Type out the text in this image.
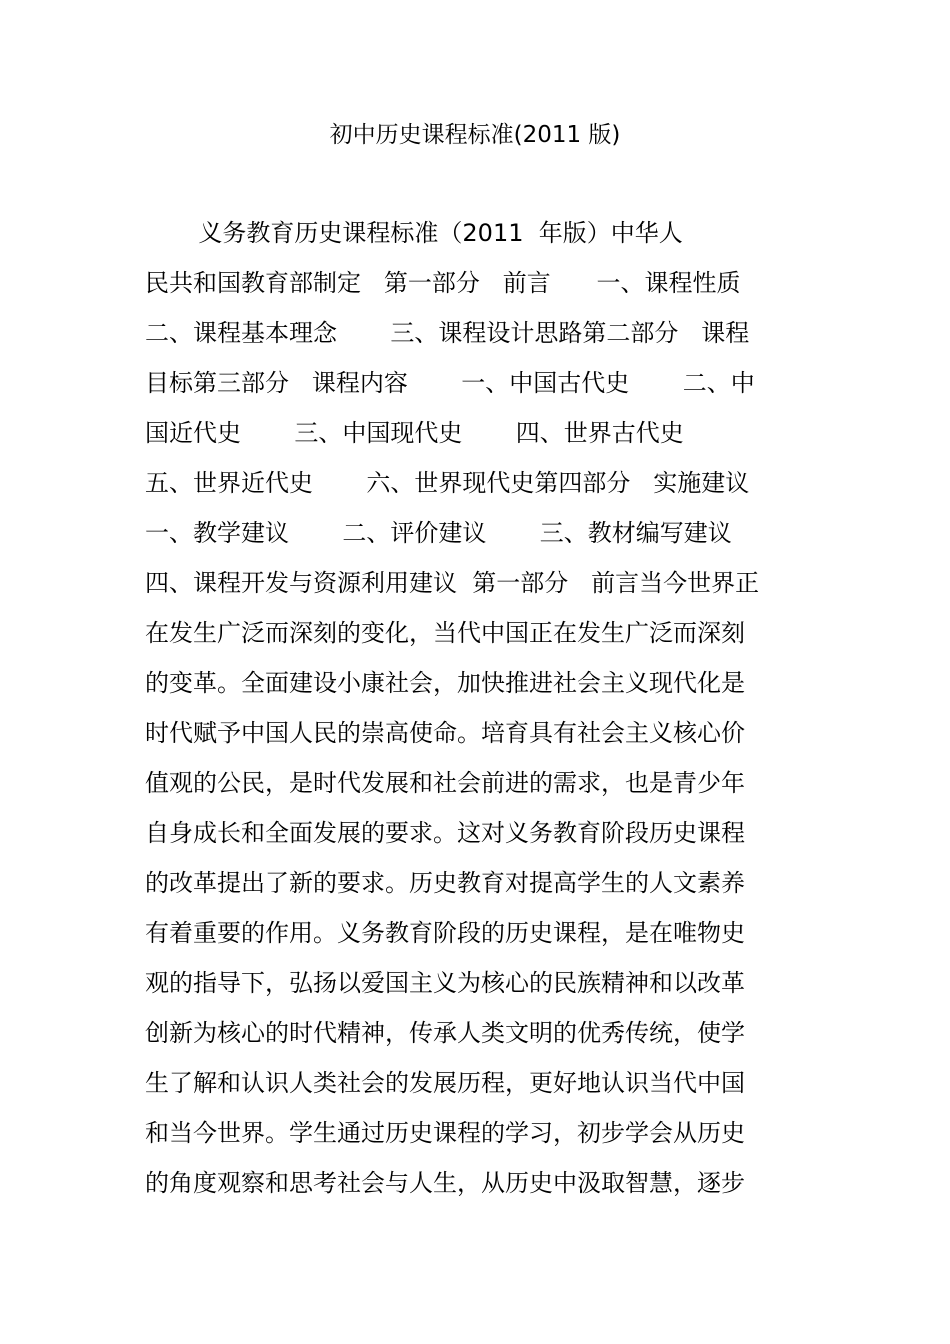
初中历史课程标准(2011 版)
义务教育历史课程标准（2011  年版）中华人
民共和国教育部制定   第一部分   前言      一、课程性质
二、课程基本理念       三、课程设计思路第二部分   课程
目标第三部分   课程内容       一、中国古代史       二、中
国近代史       三、中国现代史       四、世界古代史
五、世界近代史       六、世界现代史第四部分   实施建议
一、教学建议       二、评价建议       三、教材编写建议
四、课程开发与资源利用建议  第一部分   前言当今世界正
在发生广泛而深刻的变化，当代中国正在发生广泛而深刻
的变革。全面建设小康社会，加快推进社会主义现代化是
时代赋予中国人民的崇高使命。培育具有社会主义核心价
值观的公民，是时代发展和社会前进的需求，也是青少年
自身成长和全面发展的要求。这对义务教育阶段历史课程
的改革提出了新的要求。历史教育对提高学生的人文素养
有着重要的作用。义务教育阶段的历史课程，是在唯物史
观的指导下，弘扬以爱国主义为核心的民族精神和以改革
创新为核心的时代精神，传承人类文明的优秀传统，使学
生了解和认识人类社会的发展历程，更好地认识当代中国
和当今世界。学生通过历史课程的学习，初步学会从历史
的角度观察和思考社会与人生，从历史中汲取智慧，逐步
